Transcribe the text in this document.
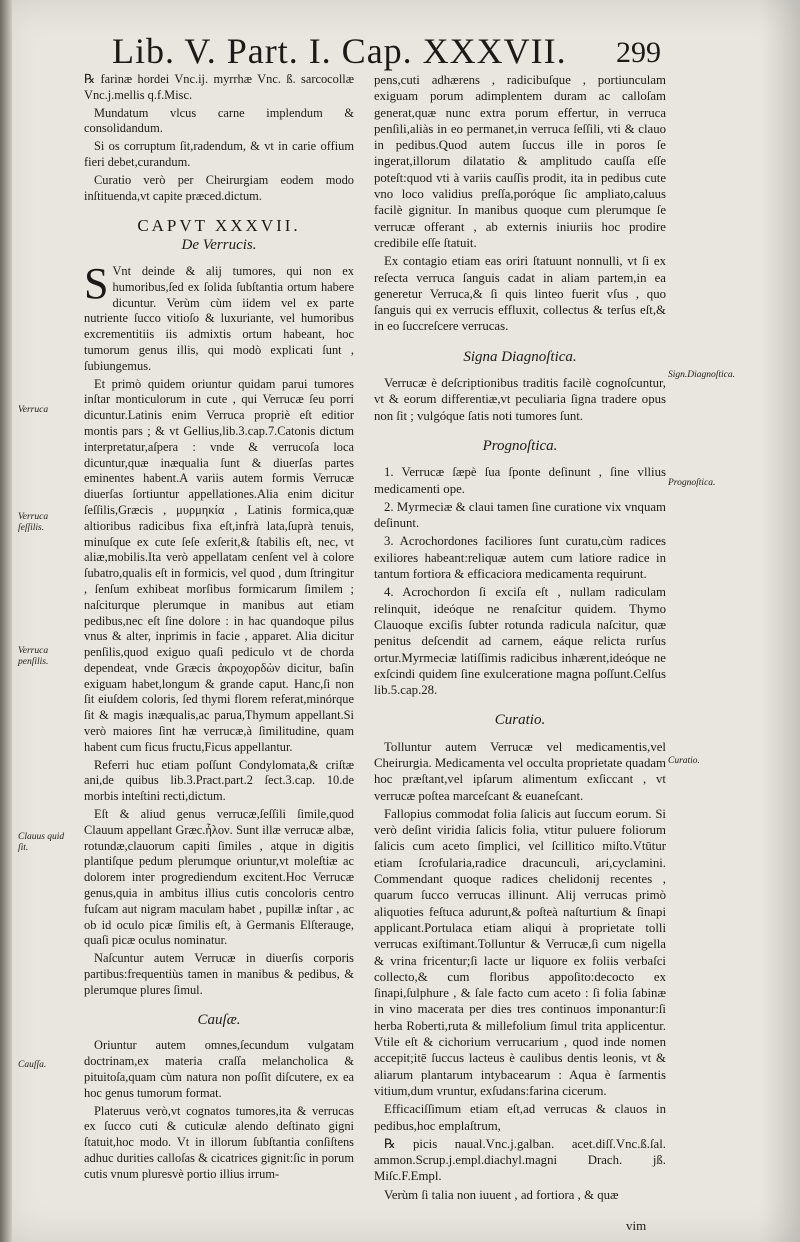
Lib. V. Part. I. Cap. XXXVII. 299

℞ farinæ hordei Vnc.ij. myrrhæ Vnc. ß. sarcocollæ Vnc.j.mellis q.f.Misc.

Mundatum vlcus carne implendum & consolidandum.

Si os corruptum ſit,radendum, & vt in carie offium fieri debet,curandum.

Curatio verò per Cheirurgiam eodem modo inſtituenda,vt capite præced.dictum.

CAPVT XXXVII.
De Verrucis.

S Vnt deinde & alij tumores, qui non ex humoribus,ſed ex ſolida ſubſtantia ortum habere dicuntur. Verùm cùm iidem vel ex parte nutriente ſucco vitioſo & luxuriante, vel humoribus excrementitiis iis admixtis ortum habeant, hoc tumorum genus illis, qui modò explicati ſunt , ſubiungemus.

Et primò quidem oriuntur quidam parui tumores inſtar monticulorum in cute , qui Verrucæ ſeu porri dicuntur.Latinis enim Verruca propriè eſt editior montis pars ; & vt Gellius,lib.3.cap.7.Catonis dictum interpretatur,aſpera : vnde & verrucoſa loca dicuntur,quæ inæqualia ſunt & diuerſas partes eminentes habent.A variis autem formis Verrucæ diuerſas ſortiuntur appellationes.Alia enim dicitur ſeſſilis,Græcis , μυρμηκία , Latinis formica,quæ altioribus radicibus fixa eſt,infrà lata,ſuprà tenuis, minuſque ex cute ſeſe exſerit,& ſtabilis eſt, nec, vt aliæ,mobilis.Ita verò appellatam cenſent vel à colore ſubatro,qualis eſt in formicis, vel quod , dum ſtringitur , ſenſum exhibeat morſibus formicarum ſimilem ; naſciturque plerumque in manibus aut etiam pedibus,nec eſt ſine dolore : in hac quandoque pilus vnus & alter, inprimis in facie , apparet. Alia dicitur penſilis,quod exiguo quaſi pediculo vt de chorda dependeat, vnde Græcis ἀκροχορδὼν dicitur, baſin exiguam habet,longum & grande caput. Hanc,ſi non ſit eiuſdem coloris, ſed thymi florem referat,minórque ſit & magis inæqualis,ac parua,Thymum appellant.Si verò maiores ſint hæ verrucæ,à ſimilitudine, quam habent cum ficus fructu,Ficus appellantur.

Referri huc etiam poſſunt Condylomata,& criſtæ ani,de quibus lib.3.Pract.part.2 ſect.3.cap. 10.de morbis inteſtini recti,dictum.

Eſt & aliud genus verrucæ,ſeſſili ſimile,quod Clauum appellant Græc.ἧλον. Sunt illæ verrucæ albæ, rotundæ,clauorum capiti ſimiles , atque in digitis plantiſque pedum plerumque oriuntur,vt moleſtiæ ac dolorem inter progrediendum excitent.Hoc Verrucæ genus,quia in ambitus illius cutis concoloris centro fuſcam aut nigram maculam habet , pupillæ inſtar , ac ob id oculo picæ ſimilis eſt, à Germanis Elſterauge, quaſi picæ oculus nominatur.

Naſcuntur autem Verrucæ in diuerſis corporis partibus:frequentiùs tamen in manibus & pedibus, & plerumque plures ſimul.

Cauſæ.

Oriuntur autem omnes,ſecundum vulgatam doctrinam,ex materia craſſa melancholica & pituitoſa,quam cùm natura non poſſit diſcutere, ex ea hoc genus tumorum format.

Plateruus verò,vt cognatos tumores,ita & verrucas ex ſucco cuti & cuticulæ alendo deſtinato gigni ſtatuit,hoc modo. Vt in illorum ſubſtantia conſiſtens adhuc durities calloſas & cicatrices gignit:ſic in porum cutis vnum pluresvè portio illius irrum-

pens,cuti adhærens , radicibuſque , portiunculam exiguam porum adimplentem duram ac calloſam generat,quæ nunc extra porum effertur, in verruca penſili,aliàs in eo permanet,in verruca ſeſſili, vti & clauo in pedibus.Quod autem ſuccus ille in poros ſe ingerat,illorum dilatatio & amplitudo cauſſa eſſe poteſt:quod vti à variis cauſſis prodit, ita in pedibus cute vno loco validius preſſa,poróque ſic ampliato,caluus facilè gignitur. In manibus quoque cum plerumque ſe verrucæ offerant , ab externis iniuriis hoc prodire credibile eſſe ſtatuit.

Ex contagio etiam eas oriri ſtatuunt nonnulli, vt ſi ex reſecta verruca ſanguis cadat in aliam partem,in ea generetur Verruca,& ſi quis linteo fuerit vſus , quo ſanguis qui ex verrucis effluxit, collectus & terſus eſt,& in eo ſuccreſcere verrucas.

Signa Diagnoſtica.

Verrucæ è deſcriptionibus traditis facilè cognoſcuntur, vt & eorum differentiæ,vt peculiaria ſigna tradere opus non ſit ; vulgóque ſatis noti tumores ſunt.

Prognoſtica.

1. Verrucæ ſæpè ſua ſponte deſinunt , ſine vllius medicamenti ope.

2. Myrmeciæ & claui tamen ſine curatione vix vnquam deſinunt.

3. Acrochordones faciliores ſunt curatu,cùm radices exiliores habeant:reliquæ autem cum latiore radice in tantum fortiora & efficaciora medicamenta requirunt.

4. Acrochordon ſi exciſa eſt , nullam radiculam relinquit, ideóque ne renaſcitur quidem. Thymo Clauoque exciſis ſubter rotunda radicula naſcitur, quæ penitus deſcendit ad carnem, eáque relicta rurſus ortur.Myrmeciæ latiſſimis radicibus inhærent,ideóque ne exſcindi quidem ſine exulceratione magna poſſunt.Celſus lib.5.cap.28.

Curatio.

Tolluntur autem Verrucæ vel medicamentis,vel Cheirurgia. Medicamenta vel occulta proprietate quadam hoc præſtant,vel ipſarum alimentum exſiccant , vt verrucæ poſtea marceſcant & euaneſcant.

Fallopius commodat folia ſalicis aut ſuccum eorum. Si verò deſint viridia ſalicis folia, vtitur puluere foliorum ſalicis cum aceto ſimplici, vel ſcillitico miſto.Vtūtur etiam ſcrofularia,radice dracunculi, ari,cyclamini. Commendant quoque radices chelidonij recentes , quarum ſucco verrucas illinunt. Alij verrucas primò aliquoties feſtuca adurunt,& poſteà naſturtium & ſinapi applicant.Portulaca etiam aliqui à proprietate tolli verrucas exiſtimant.Tolluntur & Verrucæ,ſi cum nigella & vrina fricentur;ſi lacte ur liquore ex foliis verbaſci collecto,& cum floribus appoſito:decocto ex ſinapi,ſulphure , & ſale facto cum aceto : ſi folia ſabinæ in vino macerata per dies tres continuos imponantur:ſi herba Roberti,ruta & millefolium ſimul trita applicentur. Vtile eſt & cichorium verrucarium , quod inde nomen accepit;itē ſuccus lacteus è caulibus dentis leonis, vt & aliarum plantarum intybacearum : Aqua è ſarmentis vitium,dum vruntur, exſudans:farina cicerum.

Efficaciſſimum etiam eſt,ad verrucas & clauos in pedibus,hoc emplaſtrum,

℞ picis naual.Vnc.j.galban. acet.diſſ.Vnc.ß.ſal. ammon.Scrup.j.empl.diachyl.magni Drach. jß. Miſc.F.Empl.

Verùm ſi talia non iuuent , ad fortiora , & quæ

vim
Verruca
Verruca ſeſſilis.
Verruca penſilis.
Clauus quid ſit.
Cauſſa.
Sign.Diagnoſtica.
Prognoſtica.
Curatio.
